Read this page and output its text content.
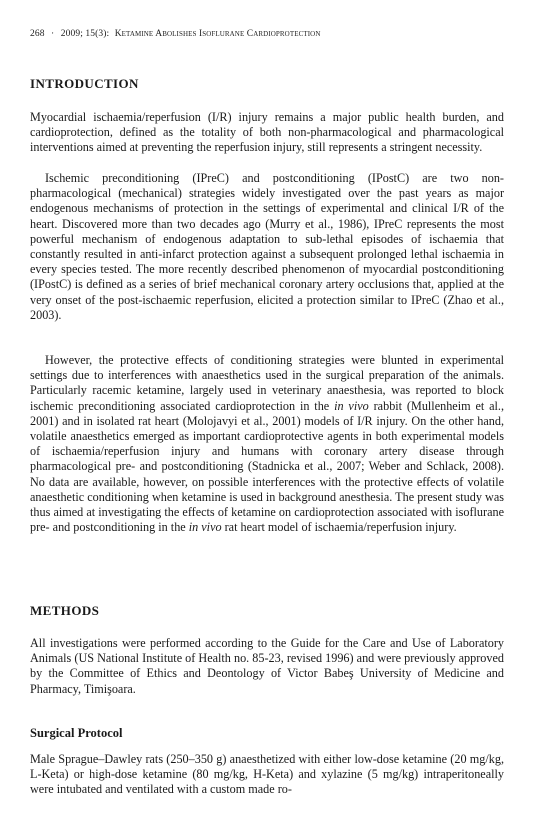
268 · 2009; 15(3): Ketamine Abolishes Isoflurane Cardioprotection
INTRODUCTION

Myocardial ischaemia/reperfusion (I/R) injury remains a major public health burden, and cardioprotection, defined as the totality of both non-pharmacological and pharmacological interventions aimed at preventing the reperfusion injury, still represents a stringent necessity.

Ischemic preconditioning (IPreC) and postconditioning (IPostC) are two non-pharmacological (mechanical) strategies widely investigated over the past years as major endogenous mechanisms of protection in the settings of experimental and clinical I/R of the heart. Discovered more than two decades ago (Murry et al., 1986), IPreC represents the most powerful mechanism of endogenous adaptation to sub-lethal episodes of ischaemia that constantly resulted in anti-infarct protection against a subsequent prolonged lethal ischaemia in every species tested. The more recently described phenomenon of myocardial postconditioning (IPostC) is defined as a series of brief mechanical coronary artery occlusions that, applied at the very onset of the post-ischaemic reperfusion, elicited a protection similar to IPreC (Zhao et al., 2003).

However, the protective effects of conditioning strategies were blunted in experimental settings due to interferences with anaesthetics used in the surgical preparation of the animals. Particularly racemic ketamine, largely used in veterinary anaesthesia, was reported to block ischemic preconditioning associated cardioprotection in the in vivo rabbit (Mullenheim et al., 2001) and in isolated rat heart (Molojavyi et al., 2001) models of I/R injury. On the other hand, volatile anaesthetics emerged as important cardioprotective agents in both experimental models of ischaemia/reperfusion injury and humans with coronary artery disease through pharmacological pre- and postconditioning (Stadnicka et al., 2007; Weber and Schlack, 2008). No data are available, however, on possible interferences with the protective effects of volatile anaesthetic conditioning when ketamine is used in background anesthesia. The present study was thus aimed at investigating the effects of ketamine on cardioprotection associated with isoflurane pre- and postconditioning in the in vivo rat heart model of ischaemia/reperfusion injury.

METHODS

All investigations were performed according to the Guide for the Care and Use of Laboratory Animals (US National Institute of Health no. 85-23, revised 1996) and were previously approved by the Committee of Ethics and Deontology of Victor Babeş University of Medicine and Pharmacy, Timişoara.

Surgical Protocol

Male Sprague–Dawley rats (250–350 g) anaesthetized with either low-dose ketamine (20 mg/kg, L-Keta) or high-dose ketamine (80 mg/kg, H-Keta) and xylazine (5 mg/kg) intraperitoneally were intubated and ventilated with a custom made ro-
